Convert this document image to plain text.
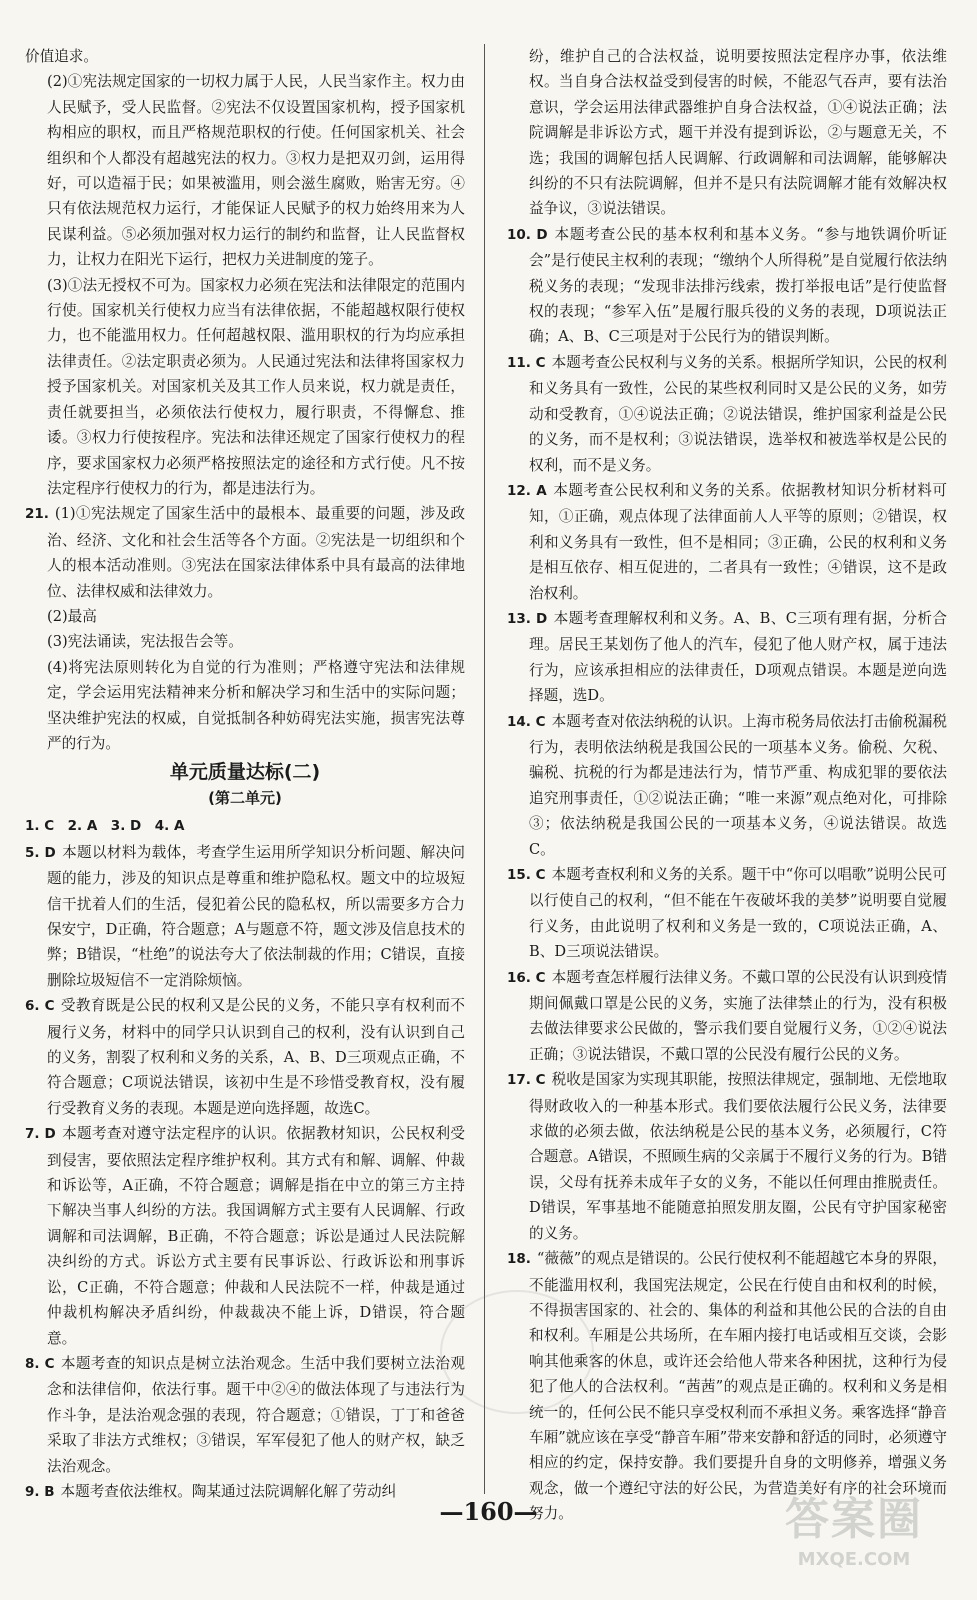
价值追求。

(2)①宪法规定国家的一切权力属于人民，人民当家作主。权力由人民赋予，受人民监督。②宪法不仅设置国家机构，授予国家机构相应的职权，而且严格规范职权的行使。任何国家机关、社会组织和个人都没有超越宪法的权力。③权力是把双刃剑，运用得好，可以造福于民；如果被滥用，则会滋生腐败，贻害无穷。④只有依法规范权力运行，才能保证人民赋予的权力始终用来为人民谋利益。⑤必须加强对权力运行的制约和监督，让人民监督权力，让权力在阳光下运行，把权力关进制度的笼子。

(3)①法无授权不可为。国家权力必须在宪法和法律限定的范围内行使。国家机关行使权力应当有法律依据，不能超越权限行使权力，也不能滥用权力。任何超越权限、滥用职权的行为均应承担法律责任。②法定职责必须为。人民通过宪法和法律将国家权力授予国家机关。对国家机关及其工作人员来说，权力就是责任，责任就要担当，必须依法行使权力，履行职责，不得懈怠、推诿。③权力行使按程序。宪法和法律还规定了国家行使权力的程序，要求国家权力必须严格按照法定的途径和方式行使。凡不按法定程序行使权力的行为，都是违法行为。

21. (1)①宪法规定了国家生活中的最根本、最重要的问题，涉及政治、经济、文化和社会生活等各个方面。②宪法是一切组织和个人的根本活动准则。③宪法在国家法律体系中具有最高的法律地位、法律权威和法律效力。

(2)最高

(3)宪法诵读，宪法报告会等。

(4)将宪法原则转化为自觉的行为准则；严格遵守宪法和法律规定，学会运用宪法精神来分析和解决学习和生活中的实际问题；坚决维护宪法的权威，自觉抵制各种妨碍宪法实施，损害宪法尊严的行为。

单元质量达标(二)

(第二单元)

1. C　2. A　3. D　4. A

5. D 本题以材料为载体，考查学生运用所学知识分析问题、解决问题的能力，涉及的知识点是尊重和维护隐私权。题文中的垃圾短信干扰着人们的生活，侵犯着公民的隐私权，所以需要多方合力保安宁，D正确，符合题意；A与题意不符，题文涉及信息技术的弊；B错误，“杜绝”的说法夸大了依法制裁的作用；C错误，直接删除垃圾短信不一定消除烦恼。

6. C 受教育既是公民的权利又是公民的义务，不能只享有权利而不履行义务，材料中的同学只认识到自己的权利，没有认识到自己的义务，割裂了权利和义务的关系，A、B、D三项观点正确，不符合题意；C项说法错误，该初中生是不珍惜受教育权，没有履行受教育义务的表现。本题是逆向选择题，故选C。

7. D 本题考查对遵守法定程序的认识。依据教材知识，公民权利受到侵害，要依照法定程序维护权利。其方式有和解、调解、仲裁和诉讼等，A正确，不符合题意；调解是指在中立的第三方主持下解决当事人纠纷的方法。我国调解方式主要有人民调解、行政调解和司法调解，B正确，不符合题意；诉讼是通过人民法院解决纠纷的方式。诉讼方式主要有民事诉讼、行政诉讼和刑事诉讼，C正确，不符合题意；仲裁和人民法院不一样，仲裁是通过仲裁机构解决矛盾纠纷，仲裁裁决不能上诉，D错误，符合题意。

8. C 本题考查的知识点是树立法治观念。生活中我们要树立法治观念和法律信仰，依法行事。题干中②④的做法体现了与违法行为作斗争，是法治观念强的表现，符合题意；①错误，丁丁和爸爸采取了非法方式维权；③错误，军军侵犯了他人的财产权，缺乏法治观念。

9. B 本题考查依法维权。陶某通过法院调解化解了劳动纠

纷，维护自己的合法权益，说明要按照法定程序办事，依法维权。当自身合法权益受到侵害的时候，不能忍气吞声，要有法治意识，学会运用法律武器维护自身合法权益，①④说法正确；法院调解是非诉讼方式，题干并没有提到诉讼，②与题意无关，不选；我国的调解包括人民调解、行政调解和司法调解，能够解决纠纷的不只有法院调解，但并不是只有法院调解才能有效解决权益争议，③说法错误。

10. D 本题考查公民的基本权利和基本义务。“参与地铁调价听证会”是行使民主权利的表现；“缴纳个人所得税”是自觉履行依法纳税义务的表现；“发现非法排污线索，拨打举报电话”是行使监督权的表现；“参军入伍”是履行服兵役的义务的表现，D项说法正确；A、B、C三项是对于公民行为的错误判断。

11. C 本题考查公民权利与义务的关系。根据所学知识，公民的权利和义务具有一致性，公民的某些权利同时又是公民的义务，如劳动和受教育，①④说法正确；②说法错误，维护国家利益是公民的义务，而不是权利；③说法错误，选举权和被选举权是公民的权利，而不是义务。

12. A 本题考查公民权利和义务的关系。依据教材知识分析材料可知，①正确，观点体现了法律面前人人平等的原则；②错误，权利和义务具有一致性，但不是相同；③正确，公民的权利和义务是相互依存、相互促进的，二者具有一致性；④错误，这不是政治权利。

13. D 本题考查理解权利和义务。A、B、C三项有理有据，分析合理。居民王某划伤了他人的汽车，侵犯了他人财产权，属于违法行为，应该承担相应的法律责任，D项观点错误。本题是逆向选择题，选D。

14. C 本题考查对依法纳税的认识。上海市税务局依法打击偷税漏税行为，表明依法纳税是我国公民的一项基本义务。偷税、欠税、骗税、抗税的行为都是违法行为，情节严重、构成犯罪的要依法追究刑事责任，①②说法正确；“唯一来源”观点绝对化，可排除③；依法纳税是我国公民的一项基本义务，④说法错误。故选C。

15. C 本题考查权利和义务的关系。题干中“你可以唱歌”说明公民可以行使自己的权利，“但不能在午夜破坏我的美梦”说明要自觉履行义务，由此说明了权利和义务是一致的，C项说法正确，A、B、D三项说法错误。

16. C 本题考查怎样履行法律义务。不戴口罩的公民没有认识到疫情期间佩戴口罩是公民的义务，实施了法律禁止的行为，没有积极去做法律要求公民做的，警示我们要自觉履行义务，①②④说法正确；③说法错误，不戴口罩的公民没有履行公民的义务。

17. C 税收是国家为实现其职能，按照法律规定，强制地、无偿地取得财政收入的一种基本形式。我们要依法履行公民义务，法律要求做的必须去做，依法纳税是公民的基本义务，必须履行，C符合题意。A错误，不照顾生病的父亲属于不履行义务的行为。B错误，父母有抚养未成年子女的义务，不能以任何理由推脱责任。D错误，军事基地不能随意拍照发朋友圈，公民有守护国家秘密的义务。

18. “薇薇”的观点是错误的。公民行使权利不能超越它本身的界限，不能滥用权利，我国宪法规定，公民在行使自由和权利的时候，不得损害国家的、社会的、集体的利益和其他公民的合法的自由和权利。车厢是公共场所，在车厢内接打电话或相互交谈，会影响其他乘客的休息，或许还会给他人带来各种困扰，这种行为侵犯了他人的合法权利。“茜茜”的观点是正确的。权利和义务是相统一的，任何公民不能只享受权利而不承担义务。乘客选择“静音车厢”就应该在享受“静音车厢”带来安静和舒适的同时，必须遵守相应的约定，保持安静。我们要提升自身的文明修养，增强义务观念，做一个遵纪守法的好公民，为营造美好有序的社会环境而努力。

—160—	答案圈
MXQE.COM
